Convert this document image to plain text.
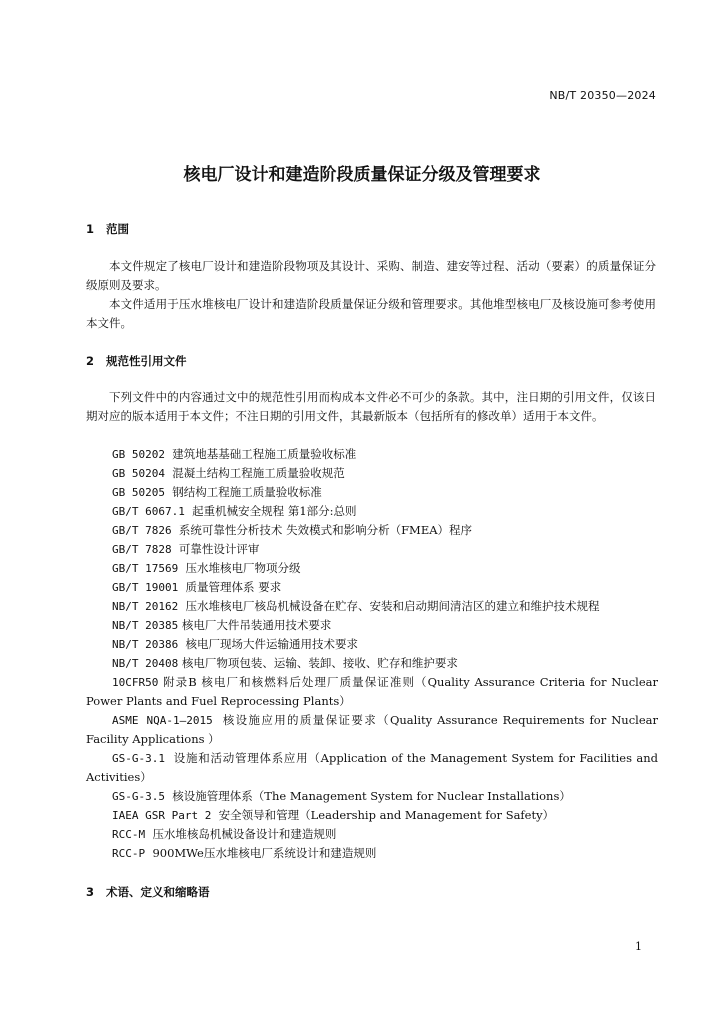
NB/T 20350—2024
核电厂设计和建造阶段质量保证分级及管理要求
1 范围

本文件规定了核电厂设计和建造阶段物项及其设计、采购、制造、建安等过程、活动（要素）的质量保证分级原则及要求。

本文件适用于压水堆核电厂设计和建造阶段质量保证分级和管理要求。其他堆型核电厂及核设施可参考使用本文件。

2 规范性引用文件

下列文件中的内容通过文中的规范性引用而构成本文件必不可少的条款。其中，注日期的引用文件，仅该日期对应的版本适用于本文件；不注日期的引用文件，其最新版本（包括所有的修改单）适用于本文件。

GB 50202 建筑地基基础工程施工质量验收标准

GB 50204 混凝土结构工程施工质量验收规范

GB 50205 钢结构工程施工质量验收标准

GB/T 6067.1 起重机械安全规程 第1部分:总则

GB/T 7826 系统可靠性分析技术 失效模式和影响分析（FMEA）程序

GB/T 7828 可靠性设计评审

GB/T 17569 压水堆核电厂物项分级

GB/T 19001 质量管理体系 要求

NB/T 20162 压水堆核电厂核岛机械设备在贮存、安装和启动期间清洁区的建立和维护技术规程

NB/T 20385 核电厂大件吊装通用技术要求

NB/T 20386 核电厂现场大件运输通用技术要求

NB/T 20408 核电厂物项包装、运输、装卸、接收、贮存和维护要求

10CFR50 附录B 核电厂和核燃料后处理厂质量保证准则（Quality Assurance Criteria for Nuclear Power Plants and Fuel Reprocessing Plants）

ASME NQA-1—2015 核设施应用的质量保证要求（Quality Assurance Requirements for Nuclear Facility Applications ）

GS-G-3.1 设施和活动管理体系应用（Application of the Management System for Facilities and Activities）

GS-G-3.5 核设施管理体系（The Management System for Nuclear Installations）

IAEA GSR Part 2 安全领导和管理（Leadership and Management for Safety）

RCC-M 压水堆核岛机械设备设计和建造规则

RCC-P 900MWe压水堆核电厂系统设计和建造规则

3 术语、定义和缩略语
1
